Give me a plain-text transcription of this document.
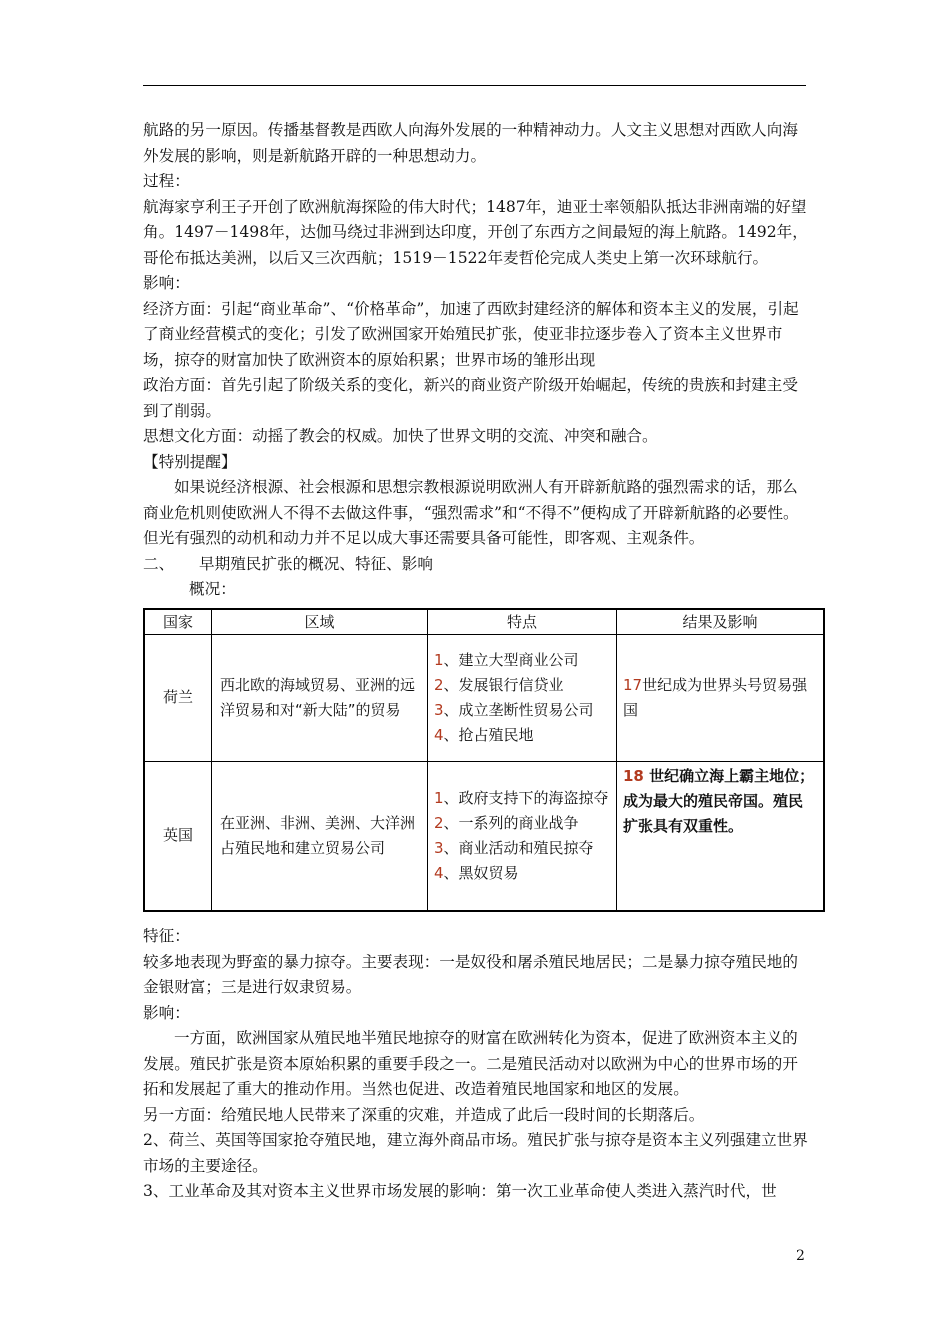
航路的另一原因。传播基督教是西欧人向海外发展的一种精神动力。人文主义思想对西欧人向海外发展的影响，则是新航路开辟的一种思想动力。

过程：

航海家亨利王子开创了欧洲航海探险的伟大时代；1487年，迪亚士率领船队抵达非洲南端的好望角。1497－1498年，达伽马绕过非洲到达印度，开创了东西方之间最短的海上航路。1492年，哥伦布抵达美洲，以后又三次西航；1519－1522年麦哲伦完成人类史上第一次环球航行。

影响：

经济方面：引起“商业革命”、“价格革命”，加速了西欧封建经济的解体和资本主义的发展，引起了商业经营模式的变化；引发了欧洲国家开始殖民扩张，使亚非拉逐步卷入了资本主义世界市场，掠夺的财富加快了欧洲资本的原始积累；世界市场的雏形出现

政治方面：首先引起了阶级关系的变化，新兴的商业资产阶级开始崛起，传统的贵族和封建主受到了削弱。

思想文化方面：动摇了教会的权威。加快了世界文明的交流、冲突和融合。

【特别提醒】

如果说经济根源、社会根源和思想宗教根源说明欧洲人有开辟新航路的强烈需求的话，那么商业危机则使欧洲人不得不去做这件事，“强烈需求”和“不得不”便构成了开辟新航路的必要性。但光有强烈的动机和动力并不足以成大事还需要具备可能性，即客观、主观条件。

二、 早期殖民扩张的概况、特征、影响

概况：

国家	区域	特点	结果及影响
荷兰	西北欧的海域贸易、亚洲的远洋贸易和对“新大陆”的贸易	1、建立大型商业公司
2、发展银行信贷业
3、成立垄断性贸易公司
4、抢占殖民地	17世纪成为世界头号贸易强国
英国	在亚洲、非洲、美洲、大洋洲占殖民地和建立贸易公司	1、政府支持下的海盗掠夺
2、一系列的商业战争
3、商业活动和殖民掠夺
4、黑奴贸易	18 世纪确立海上霸主地位；成为最大的殖民帝国。殖民扩张具有双重性。

特征：

较多地表现为野蛮的暴力掠夺。主要表现：一是奴役和屠杀殖民地居民；二是暴力掠夺殖民地的金银财富；三是进行奴隶贸易。

影响：

一方面，欧洲国家从殖民地半殖民地掠夺的财富在欧洲转化为资本，促进了欧洲资本主义的发展。殖民扩张是资本原始积累的重要手段之一。二是殖民活动对以欧洲为中心的世界市场的开拓和发展起了重大的推动作用。当然也促进、改造着殖民地国家和地区的发展。

另一方面：给殖民地人民带来了深重的灾难，并造成了此后一段时间的长期落后。

2、荷兰、英国等国家抢夺殖民地，建立海外商品市场。殖民扩张与掠夺是资本主义列强建立世界市场的主要途径。

3、工业革命及其对资本主义世界市场发展的影响：第一次工业革命使人类进入蒸汽时代，世

2
